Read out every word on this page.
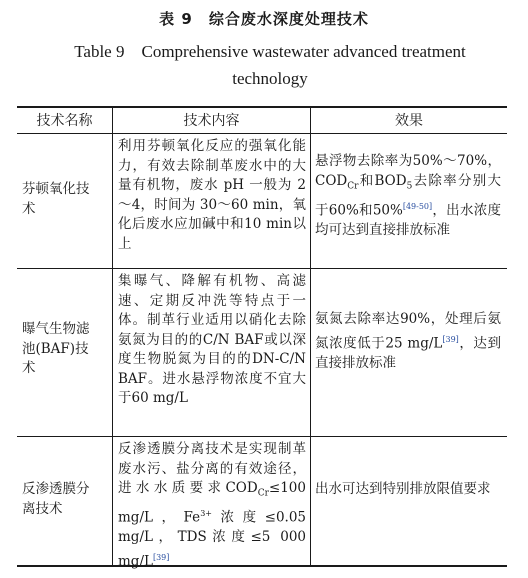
表 9　综合废水深度处理技术
Table 9　Comprehensive wastewater advanced treatment technology
技术名称	技术内容	效果
芬顿氧化技术
利用芬顿氧化反应的强氧化能力，有效去除制革废水中的大量有机物，废水 pH 一般为 2～4，时间为 30～60 min，氧化后废水应加碱中和10 min以上
悬浮物去除率为50%～70%，$COD_{Cr}$和$BOD_5$去除率分别大于60%和50%[49-50]，出水浓度均可达到直接排放标准
曝气生物滤池(BAF)技术
集曝气、降解有机物、高滤速、定期反冲洗等特点于一体。制革行业适用以硝化去除氨氮为目的的C/N BAF或以深度生物脱氮为目的的DN-C/N BAF。进水悬浮物浓度不宜大于60 mg/L
氨氮去除率达90%，处理后氨氮浓度低于25 mg/L[39]，达到直接排放标准
反渗透膜分离技术
反渗透膜分离技术是实现制革废水污、盐分离的有效途径，进水水质要求$COD_{Cr}\le 100$ mg/L，$Fe^{3+}$浓度≤0.05 mg/L，TDS浓度≤5 000 mg/L[39]
出水可达到特别排放限值要求
